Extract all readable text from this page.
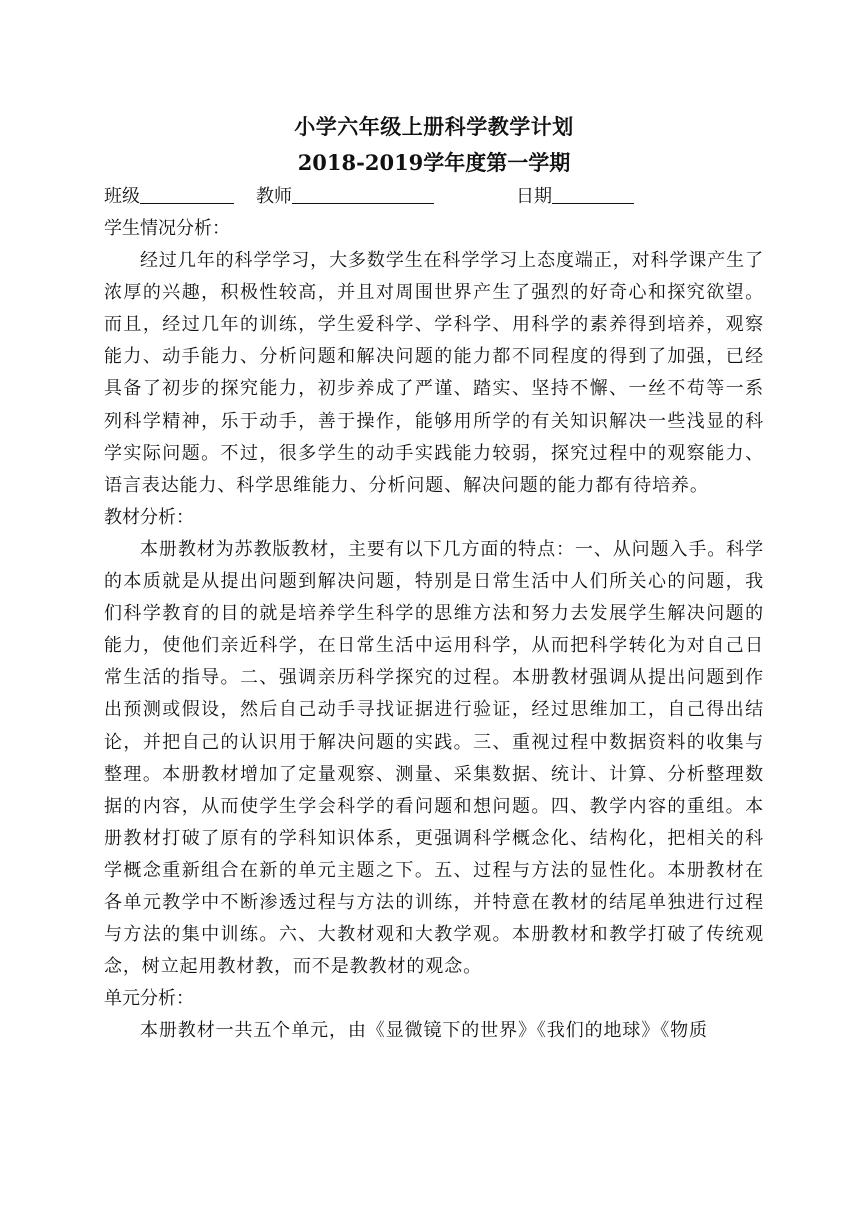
小学六年级上册科学教学计划
2018-2019学年度第一学期
班级	教师	日期
学生情况分析：

经过几年的科学学习，大多数学生在科学学习上态度端正，对科学课产生了浓厚的兴趣，积极性较高，并且对周围世界产生了强烈的好奇心和探究欲望。而且，经过几年的训练，学生爱科学、学科学、用科学的素养得到培养，观察能力、动手能力、分析问题和解决问题的能力都不同程度的得到了加强，已经具备了初步的探究能力，初步养成了严谨、踏实、坚持不懈、一丝不苟等一系列科学精神，乐于动手，善于操作，能够用所学的有关知识解决一些浅显的科学实际问题。不过，很多学生的动手实践能力较弱，探究过程中的观察能力、语言表达能力、科学思维能力、分析问题、解决问题的能力都有待培养。

教材分析：

本册教材为苏教版教材，主要有以下几方面的特点：一、从问题入手。科学的本质就是从提出问题到解决问题，特别是日常生活中人们所关心的问题，我们科学教育的目的就是培养学生科学的思维方法和努力去发展学生解决问题的能力，使他们亲近科学，在日常生活中运用科学，从而把科学转化为对自己日常生活的指导。二、强调亲历科学探究的过程。本册教材强调从提出问题到作出预测或假设，然后自己动手寻找证据进行验证，经过思维加工，自己得出结论，并把自己的认识用于解决问题的实践。三、重视过程中数据资料的收集与整理。本册教材增加了定量观察、测量、采集数据、统计、计算、分析整理数据的内容，从而使学生学会科学的看问题和想问题。四、教学内容的重组。本册教材打破了原有的学科知识体系，更强调科学概念化、结构化，把相关的科学概念重新组合在新的单元主题之下。五、过程与方法的显性化。本册教材在各单元教学中不断渗透过程与方法的训练，并特意在教材的结尾单独进行过程与方法的集中训练。六、大教材观和大教学观。本册教材和教学打破了传统观念，树立起用教材教，而不是教教材的观念。

单元分析：

本册教材一共五个单元，由《显微镜下的世界》《我们的地球》《物质
